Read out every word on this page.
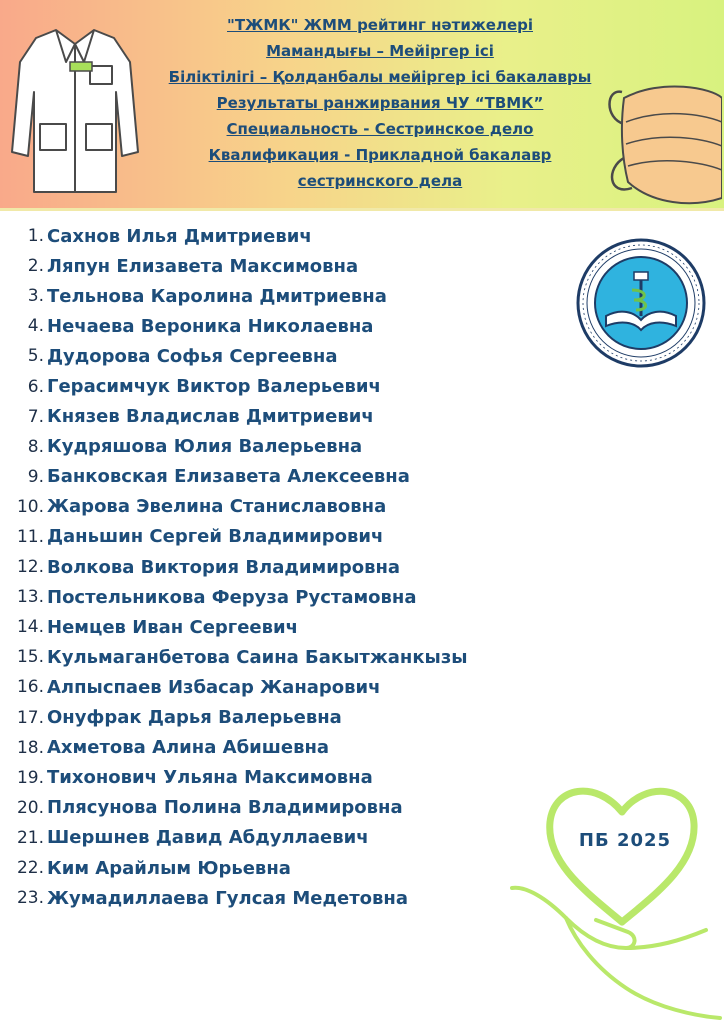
"ТЖМК" ЖММ рейтинг нәтижелері
Мамандығы – Мейіргер ісі
Біліктілігі – Қолданбалы мейіргер ісі бакалавры
Результаты ранжирвания ЧУ “ТВМК”
Специальность - Сестринское дело
Квалификация - Прикладной бакалавр
сестринского дела
1. Сахнов Илья Дмитриевич
2. Ляпун Елизавета Максимовна
3. Тельнова Каролина Дмитриевна
4. Нечаева Вероника Николаевна
5. Дудорова Софья Сергеевна
6. Герасимчук Виктор Валерьевич
7. Князев Владислав Дмитриевич
8. Кудряшова Юлия Валерьевна
9. Банковская Елизавета Алексеевна
10. Жарова Эвелина Станиславовна
11. Даньшин Сергей Владимирович
12. Волкова Виктория Владимировна
13. Постельникова Феруза Рустамовна
14. Немцев Иван Сергеевич
15. Кульмаганбетова Саина Бакытжанкызы
16. Алпыспаев Избасар Жанарович
17. Онуфрак Дарья Валерьевна
18. Ахметова Алина Абишевна
19. Тихонович Ульяна Максимовна
20. Плясунова Полина Владимировна
21. Шершнев Давид Абдуллаевич
22. Ким Арайлым Юрьевна
23. Жумадиллаева Гулсая Медетовна
ПБ 2025
